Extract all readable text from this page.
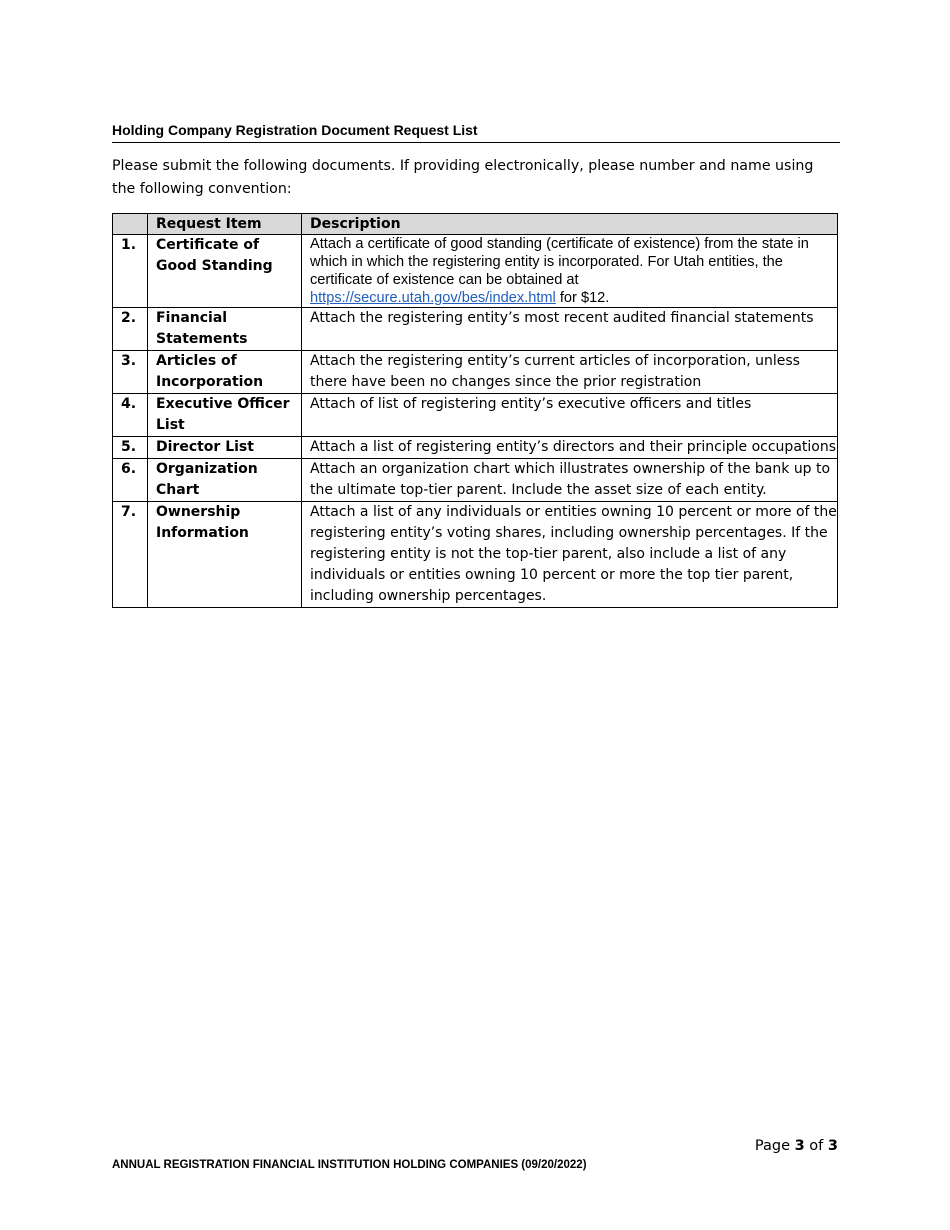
Holding Company Registration Document Request List
Please submit the following documents. If providing electronically, please number and name using the following convention:
	Request Item	Description
1.	Certificate of Good Standing	Attach a certificate of good standing (certificate of existence) from the state in which in which the registering entity is incorporated. For Utah entities, the certificate of existence can be obtained at
https://secure.utah.gov/bes/index.html for $12.
2.	Financial Statements	Attach the registering entity’s most recent audited financial statements
3.	Articles of Incorporation	Attach the registering entity’s current articles of incorporation, unless there have been no changes since the prior registration
4.	Executive Officer List	Attach of list of registering entity’s executive officers and titles
5.	Director List	Attach a list of registering entity’s directors and their principle occupations
6.	Organization Chart	Attach an organization chart which illustrates ownership of the bank up to the ultimate top-tier parent. Include the asset size of each entity.
7.	Ownership Information	Attach a list of any individuals or entities owning 10 percent or more of the registering entity’s voting shares, including ownership percentages. If the registering entity is not the top-tier parent, also include a list of any individuals or entities owning 10 percent or more the top tier parent, including ownership percentages.
Page 3 of 3
ANNUAL REGISTRATION FINANCIAL INSTITUTION HOLDING COMPANIES (09/20/2022)
